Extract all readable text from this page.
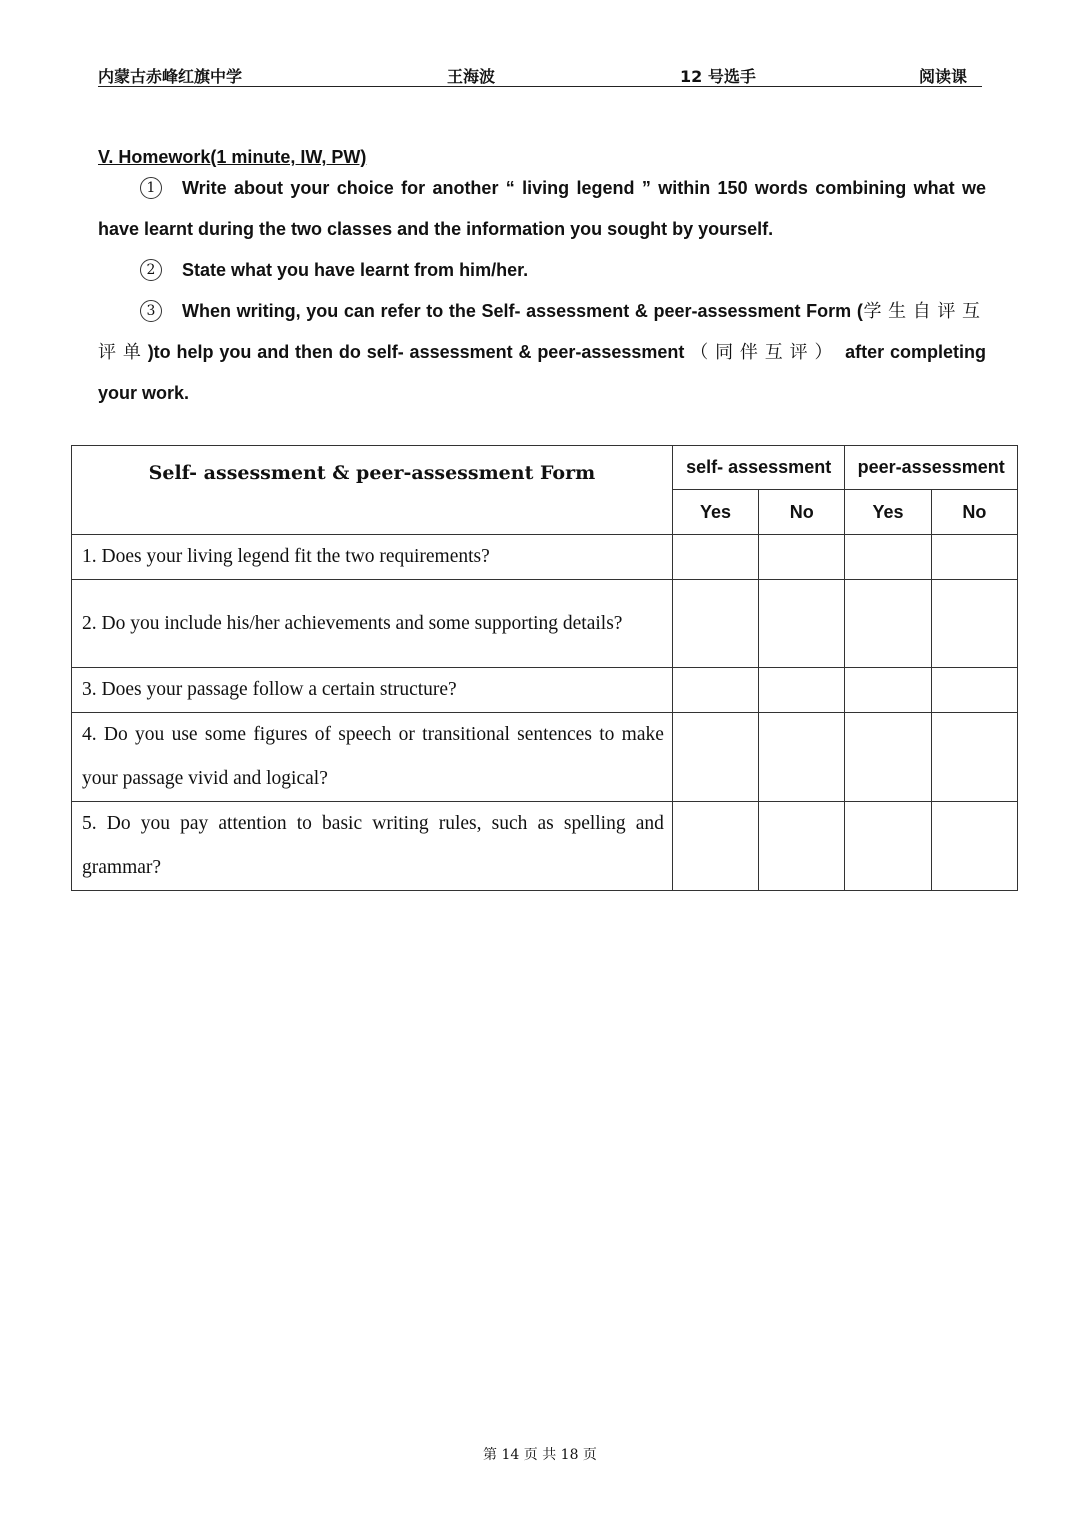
内蒙古赤峰红旗中学	王海波	12 号选手	阅读课
V. Homework(1 minute, IW, PW)
1 Write about your choice for another “ living legend ” within 150 words combining what we have learnt during the two classes and the information you sought by yourself.
2 State what you have learnt from him/her.
3 When writing, you can refer to the Self- assessment & peer-assessment Form (学生自评互评单)to help you and then do self- assessment & peer-assessment （同伴互评） after completing your work.
Self- assessment & peer-assessment Form	self- assessment		peer-assessment	
	Yes	No	Yes	No
1. Does your living legend fit the two requirements?				
2. Do you include his/her achievements and some supporting details?				
3. Does your passage follow a certain structure?				
4. Do you use some figures of speech or transitional sentences to make your passage vivid and logical?				
5. Do you pay attention to basic writing rules, such as spelling and grammar?				
第 14 页 共 18 页
